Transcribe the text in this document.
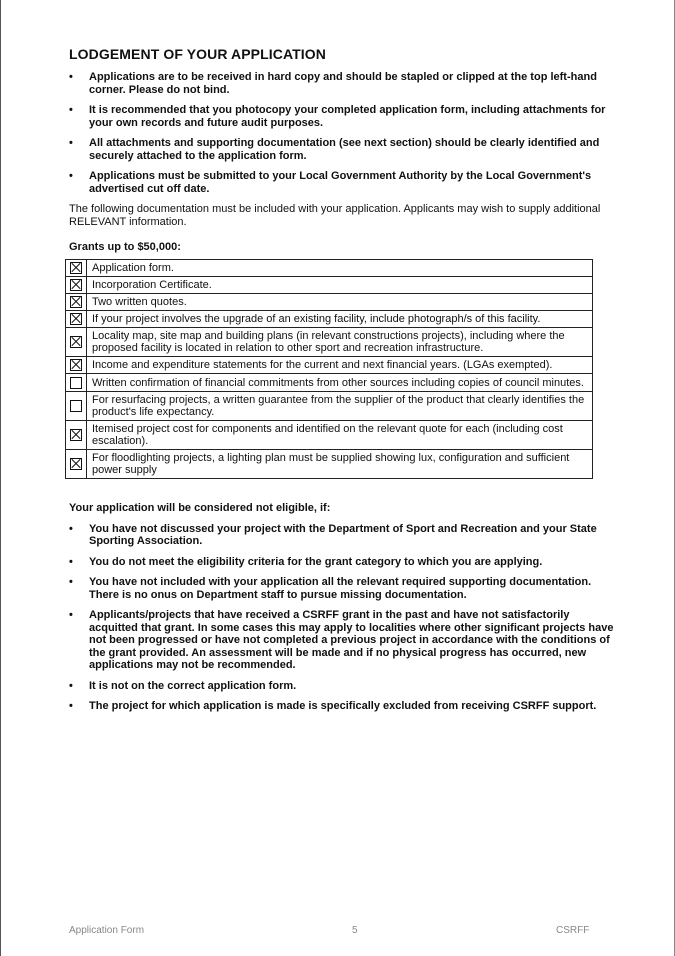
LODGEMENT OF YOUR APPLICATION
• Applications are to be received in hard copy and should be stapled or clipped at the top left-hand corner. Please do not bind.
• It is recommended that you photocopy your completed application form, including attachments for your own records and future audit purposes.
• All attachments and supporting documentation (see next section) should be clearly identified and securely attached to the application form.
• Applications must be submitted to your Local Government Authority by the Local Government's advertised cut off date.

The following documentation must be included with your application. Applicants may wish to supply additional RELEVANT information.

Grants up to $50,000:
	Application form.
	Incorporation Certificate.
	Two written quotes.
	If your project involves the upgrade of an existing facility, include photograph/s of this facility.
	Locality map, site map and building plans (in relevant constructions projects), including where the proposed facility is located in relation to other sport and recreation infrastructure.
	Income and expenditure statements for the current and next financial years. (LGAs exempted).
	Written confirmation of financial commitments from other sources including copies of council minutes.
	For resurfacing projects, a written guarantee from the supplier of the product that clearly identifies the product's life expectancy.
	Itemised project cost for components and identified on the relevant quote for each (including cost escalation).
	For floodlighting projects, a lighting plan must be supplied showing lux, configuration and sufficient power supply
Your application will be considered not eligible, if:
• You have not discussed your project with the Department of Sport and Recreation and your State Sporting Association.
• You do not meet the eligibility criteria for the grant category to which you are applying.
• You have not included with your application all the relevant required supporting documentation. There is no onus on Department staff to pursue missing documentation.
• Applicants/projects that have received a CSRFF grant in the past and have not satisfactorily acquitted that grant. In some cases this may apply to localities where other significant projects have not been progressed or have not completed a previous project in accordance with the conditions of the grant provided. An assessment will be made and if no physical progress has occurred, new applications may not be recommended.
• It is not on the correct application form.
• The project for which application is made is specifically excluded from receiving CSRFF support.
Application Form	5	CSRFF
